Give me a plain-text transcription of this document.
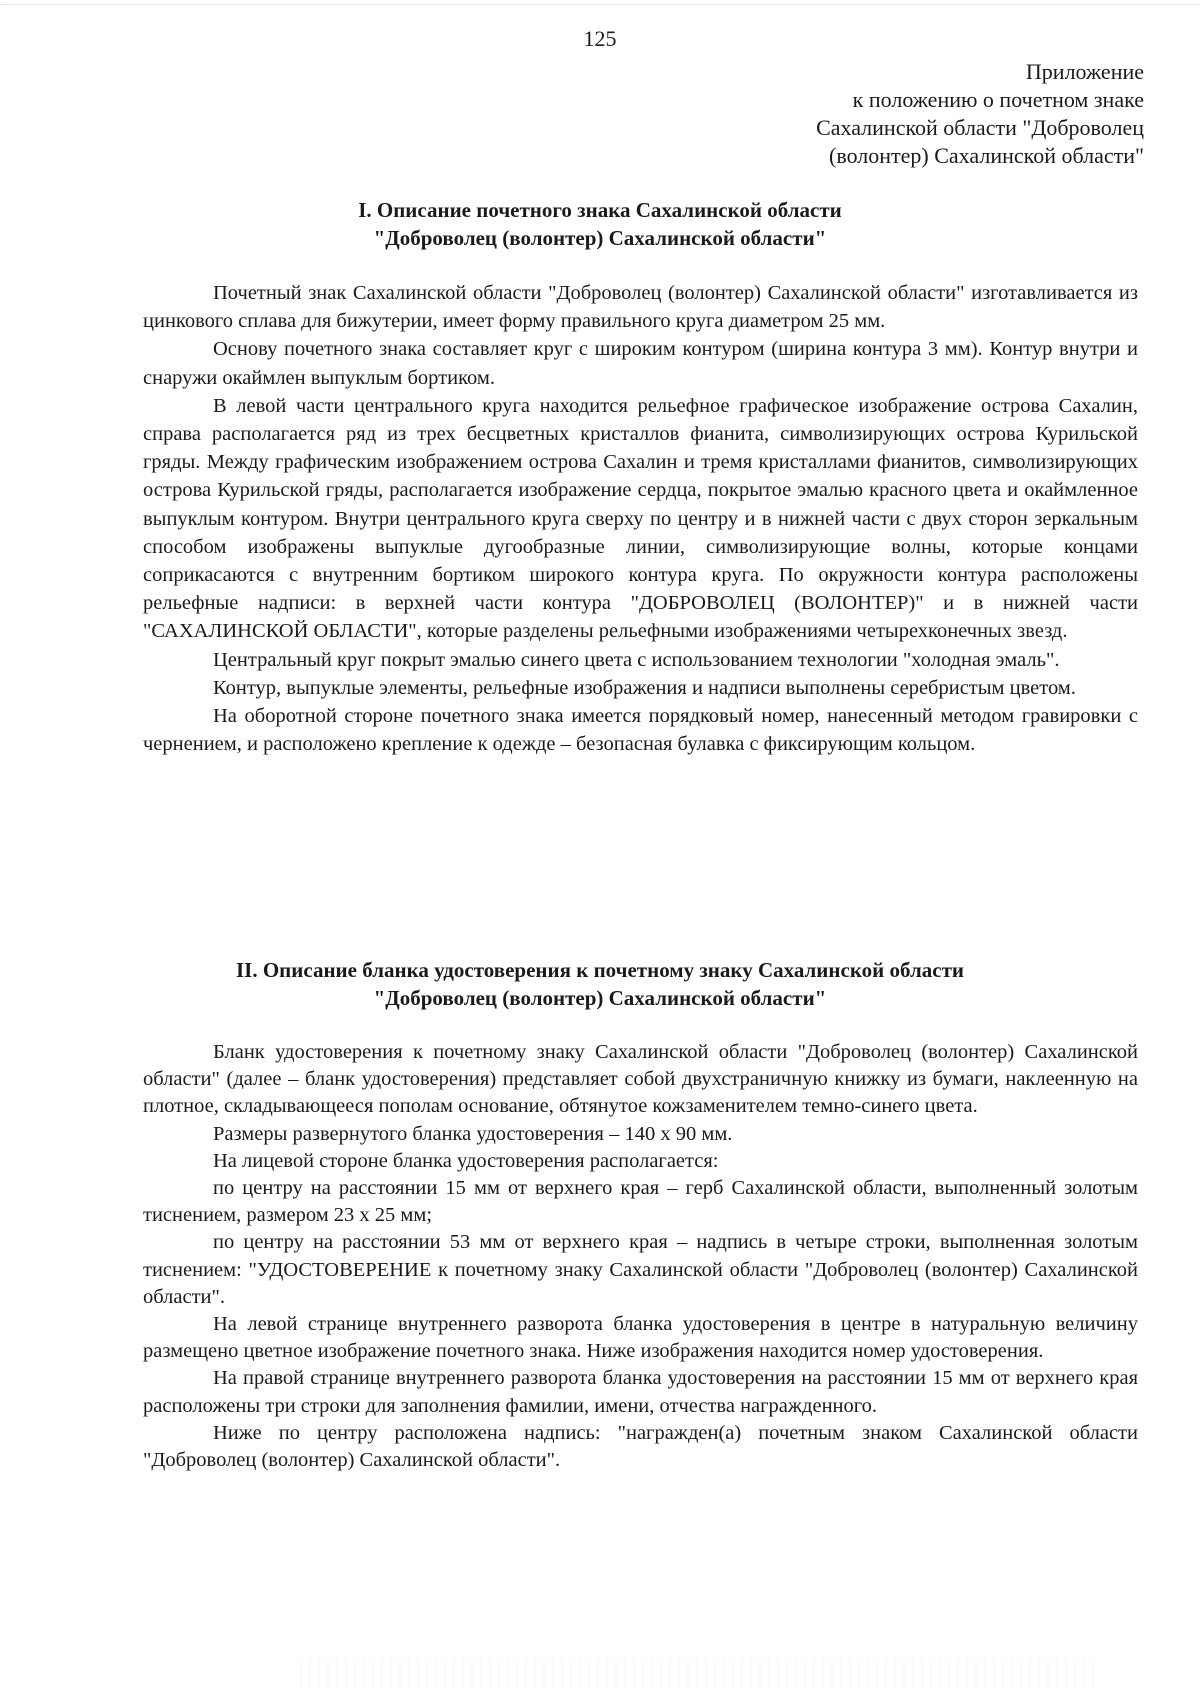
125
Приложение
к положению о почетном знаке
Сахалинской области "Доброволец
(волонтер) Сахалинской области"
I. Описание почетного знака Сахалинской области
"Доброволец (волонтер) Сахалинской области"

Почетный знак Сахалинской области "Доброволец (волонтер) Сахалинской области" изготавливается из цинкового сплава для бижутерии, имеет форму правильного круга диаметром 25 мм.

Основу почетного знака составляет круг с широким контуром (ширина контура 3 мм). Контур внутри и снаружи окаймлен выпуклым бортиком.

В левой части центрального круга находится рельефное графическое изображение острова Сахалин, справа располагается ряд из трех бесцветных кристаллов фианита, символизирующих острова Курильской гряды. Между графическим изображением острова Сахалин и тремя кристаллами фианитов, символизирующих острова Курильской гряды, располагается изображение сердца, покрытое эмалью красного цвета и окаймленное выпуклым контуром. Внутри центрального круга сверху по центру и в нижней части с двух сторон зеркальным способом изображены выпуклые дугообразные линии, символизирующие волны, которые концами соприкасаются с внутренним бортиком широкого контура круга. По окружности контура расположены рельефные надписи: в верхней части контура "ДОБРОВОЛЕЦ (ВОЛОНТЕР)" и в нижней части "САХАЛИНСКОЙ ОБЛАСТИ", которые разделены рельефными изображениями четырехконечных звезд.

Центральный круг покрыт эмалью синего цвета с использованием технологии "холодная эмаль".

Контур, выпуклые элементы, рельефные изображения и надписи выполнены серебристым цветом.

На оборотной стороне почетного знака имеется порядковый номер, нанесенный методом гравировки с чернением, и расположено крепление к одежде – безопасная булавка с фиксирующим кольцом.

II. Описание бланка удостоверения к почетному знаку Сахалинской области
"Доброволец (волонтер) Сахалинской области"

Бланк удостоверения к почетному знаку Сахалинской области "Доброволец (волонтер) Сахалинской области" (далее – бланк удостоверения) представляет собой двухстраничную книжку из бумаги, наклеенную на плотное, складывающееся пополам основание, обтянутое кожзаменителем темно-синего цвета.

Размеры развернутого бланка удостоверения – 140 х 90 мм.

На лицевой стороне бланка удостоверения располагается:

по центру на расстоянии 15 мм от верхнего края – герб Сахалинской области, выполненный золотым тиснением, размером 23 х 25 мм;

по центру на расстоянии 53 мм от верхнего края – надпись в четыре строки, выполненная золотым тиснением: "УДОСТОВЕРЕНИЕ к почетному знаку Сахалинской области "Доброволец (волонтер) Сахалинской области".

На левой странице внутреннего разворота бланка удостоверения в центре в натуральную величину размещено цветное изображение почетного знака. Ниже изображения находится номер удостоверения.

На правой странице внутреннего разворота бланка удостоверения на расстоянии 15 мм от верхнего края расположены три строки для заполнения фамилии, имени, отчества награжденного.

Ниже по центру расположена надпись: "награжден(а) почетным знаком Сахалинской области "Доброволец (волонтер) Сахалинской области".
